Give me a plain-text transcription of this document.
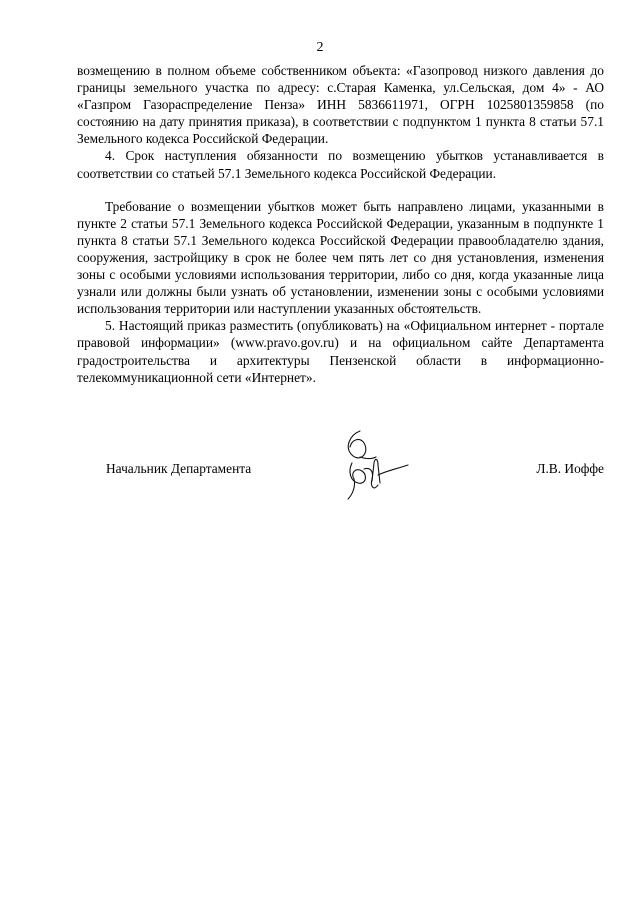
2

возмещению в полном объеме собственником объекта: «Газопровод низкого давления до границы земельного участка по адресу: с.Старая Каменка, ул.Сельская, дом 4» - АО «Газпром Газораспределение Пенза» ИНН 5836611971, ОГРН 1025801359858 (по состоянию на дату принятия приказа), в соответствии с подпунктом 1 пункта 8 статьи 57.1 Земельного кодекса Российской Федерации.

4. Срок наступления обязанности по возмещению убытков устанавливается в соответствии со статьей 57.1 Земельного кодекса Российской Федерации.

Требование о возмещении убытков может быть направлено лицами, указанными в пункте 2 статьи 57.1 Земельного кодекса Российской Федерации, указанным в подпункте 1 пункта 8 статьи 57.1 Земельного кодекса Российской Федерации правообладателю здания, сооружения, застройщику в срок не более чем пять лет со дня установления, изменения зоны с особыми условиями использования территории, либо со дня, когда указанные лица узнали или должны были узнать об установлении, изменении зоны с особыми условиями использования территории или наступлении указанных обстоятельств.

5. Настоящий приказ разместить (опубликовать) на «Официальном интернет - портале правовой информации» (www.pravo.gov.ru) и на официальном сайте Департамента градостроительства и архитектуры Пензенской области в информационно-телекоммуникационной сети «Интернет».

Начальник Департамента	Л.В. Иоффе
